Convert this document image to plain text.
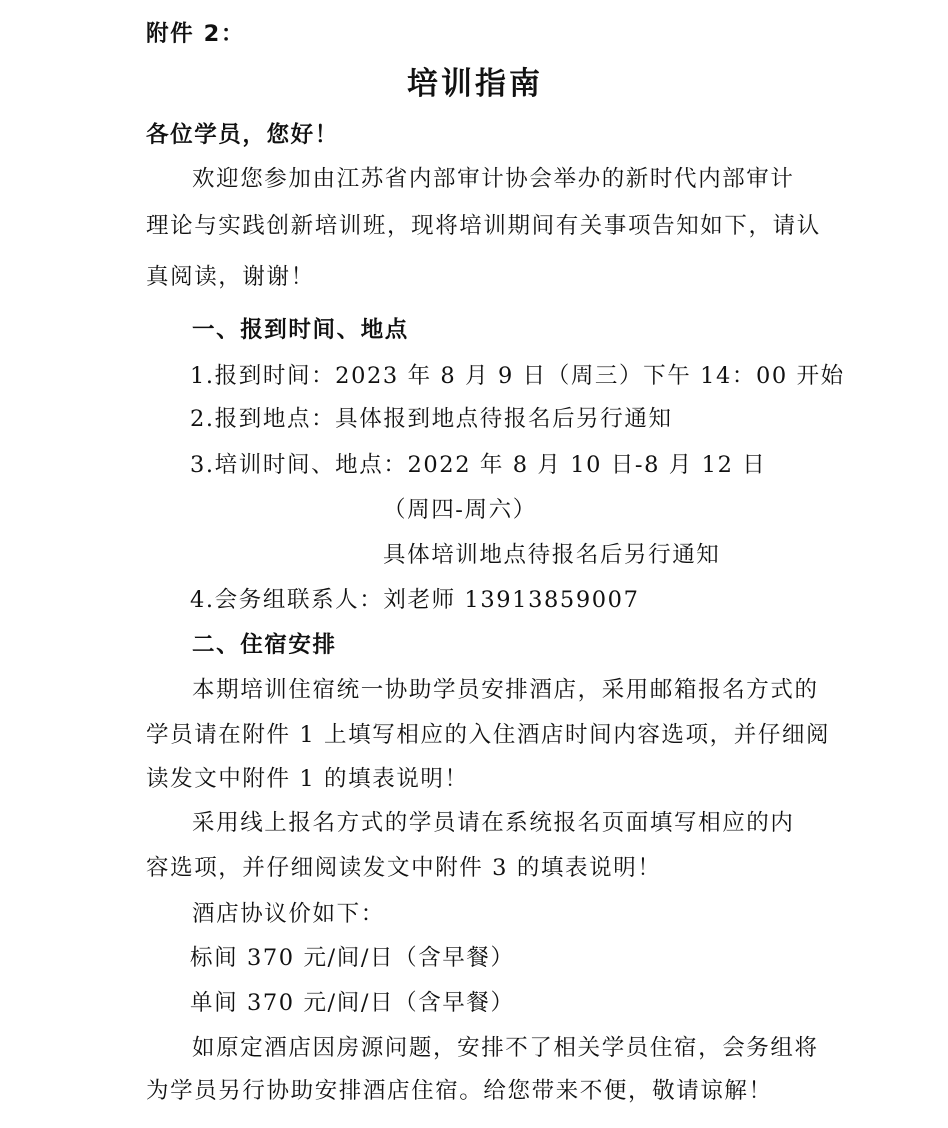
附件 2：
培训指南
各位学员，您好！
欢迎您参加由江苏省内部审计协会举办的新时代内部审计
理论与实践创新培训班，现将培训期间有关事项告知如下，请认
真阅读，谢谢！
一、报到时间、地点
1.报到时间：2023 年 8 月 9 日（周三）下午 14：00 开始
2.报到地点：具体报到地点待报名后另行通知
3.培训时间、地点：2022 年 8 月 10 日-8 月 12 日
（周四-周六）
具体培训地点待报名后另行通知
4.会务组联系人：刘老师 13913859007
二、住宿安排
本期培训住宿统一协助学员安排酒店，采用邮箱报名方式的
学员请在附件 1 上填写相应的入住酒店时间内容选项，并仔细阅
读发文中附件 1 的填表说明！
采用线上报名方式的学员请在系统报名页面填写相应的内
容选项，并仔细阅读发文中附件 3 的填表说明！
酒店协议价如下：
标间 370 元/间/日（含早餐）
单间 370 元/间/日（含早餐）
如原定酒店因房源问题，安排不了相关学员住宿，会务组将
为学员另行协助安排酒店住宿。给您带来不便，敬请谅解！
